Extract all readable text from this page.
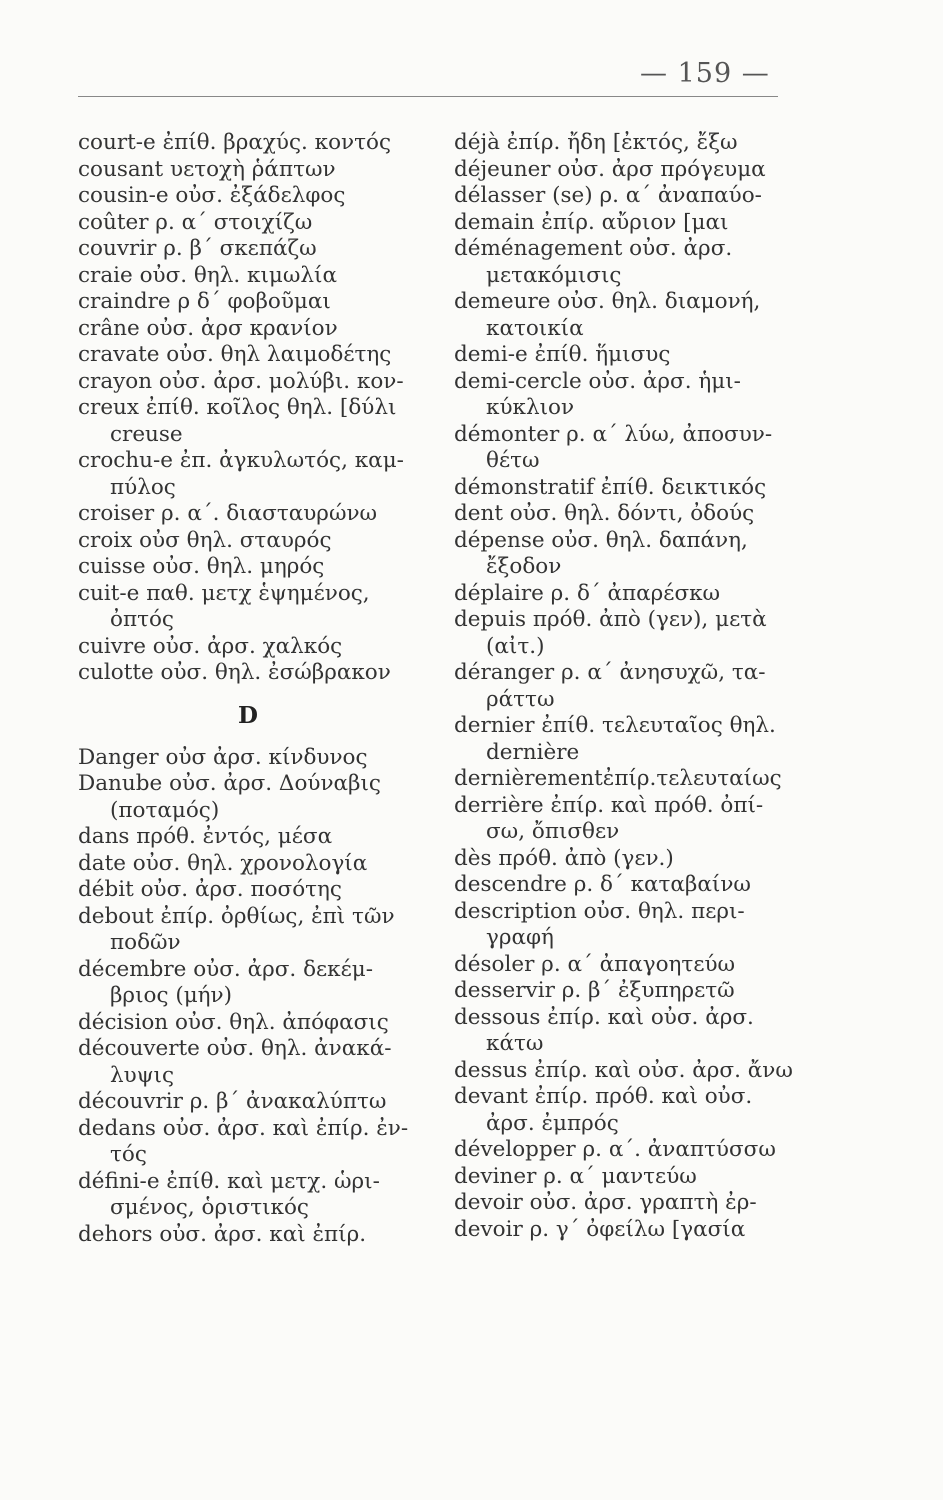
— 159 —
court-e ἐπίθ. βραχύς. κοντός
cousant υετοχὴ ῥάπτων
cousin-e οὐσ. ἐξάδελφος
coûter ρ. α΄ στοιχίζω
couvrir ρ. β΄ σκεπάζω
craie οὐσ. θηλ. κιμωλία
craindre ρ δ΄ φοβοῦμαι
crâne οὐσ. ἀρσ κρανίον
cravate οὐσ. θηλ λαιμοδέτης
crayon οὐσ. ἀρσ. μολύβι. κον-
creux ἐπίθ. κοῖλος θηλ. [δύλι
creuse
crochu-e ἐπ. ἀγκυλωτός, καμ-
πύλος
croiser ρ. α΄. διασταυρώνω
croix οὐσ θηλ. σταυρός
cuisse οὐσ. θηλ. μηρός
cuit-e παθ. μετχ ἑψημένος,
ὀπτός
cuivre οὐσ. ἀρσ. χαλκός
culotte οὐσ. θηλ. ἐσώβρακον
D
Danger οὐσ ἀρσ. κίνδυνος
Danube οὐσ. ἀρσ. Δούναβις
(ποταμός)
dans πρόθ. ἐντός, μέσα
date οὐσ. θηλ. χρονολογία
débit οὐσ. ἀρσ. ποσότης
debout ἐπίρ. ὀρθίως, ἐπὶ τῶν
ποδῶν
décembre οὐσ. ἀρσ. δεκέμ-
βριος (μήν)
décision οὐσ. θηλ. ἀπόφασις
découverte οὐσ. θηλ. ἀνακά-
λυψις
découvrir ρ. β΄ ἀνακαλύπτω
dedans οὐσ. ἀρσ. καὶ ἐπίρ. ἐν-
τός
défini-e ἐπίθ. καὶ μετχ. ὡρι-
σμένος, ὁριστικός
dehors οὐσ. ἀρσ. καὶ ἐπίρ.
déjà ἐπίρ. ἤδη [ἐκτός, ἔξω
déjeuner οὐσ. ἀρσ πρόγευμα
délasser (se) ρ. α΄ ἀναπαύο-
demain ἐπίρ. αὔριον [μαι
déménagement οὐσ. ἀρσ.
μετακόμισις
demeure οὐσ. θηλ. διαμονή,
κατοικία
demi-e ἐπίθ. ἥμισυς
demi-cercle οὐσ. ἀρσ. ἡμι-
κύκλιον
démonter ρ. α΄ λύω, ἀποσυν-
θέτω
démonstratif ἐπίθ. δεικτικός
dent οὐσ. θηλ. δόντι, ὀδούς
dépense οὐσ. θηλ. δαπάνη,
ἔξοδον
déplaire ρ. δ΄ ἀπαρέσκω
depuis πρόθ. ἀπὸ (γεν), μετὰ
(αἰτ.)
déranger ρ. α΄ ἀνησυχῶ, τα-
ράττω
dernier ἐπίθ. τελευταῖος θηλ.
dernière
dernièrementἐπίρ.τελευταίως
derrière ἐπίρ. καὶ πρόθ. ὀπί-
σω, ὄπισθεν
dès πρόθ. ἀπὸ (γεν.)
descendre ρ. δ΄ καταβαίνω
description οὐσ. θηλ. περι-
γραφή
désoler ρ. α΄ ἀπαγοητεύω
desservir ρ. β΄ ἐξυπηρετῶ
dessous ἐπίρ. καὶ οὐσ. ἀρσ.
κάτω
dessus ἐπίρ. καὶ οὐσ. ἀρσ. ἄνω
devant ἐπίρ. πρόθ. καὶ οὐσ.
ἀρσ. ἐμπρός
développer ρ. α΄. ἀναπτύσσω
deviner ρ. α΄ μαντεύω
devoir οὐσ. ἀρσ. γραπτὴ ἐρ-
devoir ρ. γ΄ ὀφείλω [γασία
